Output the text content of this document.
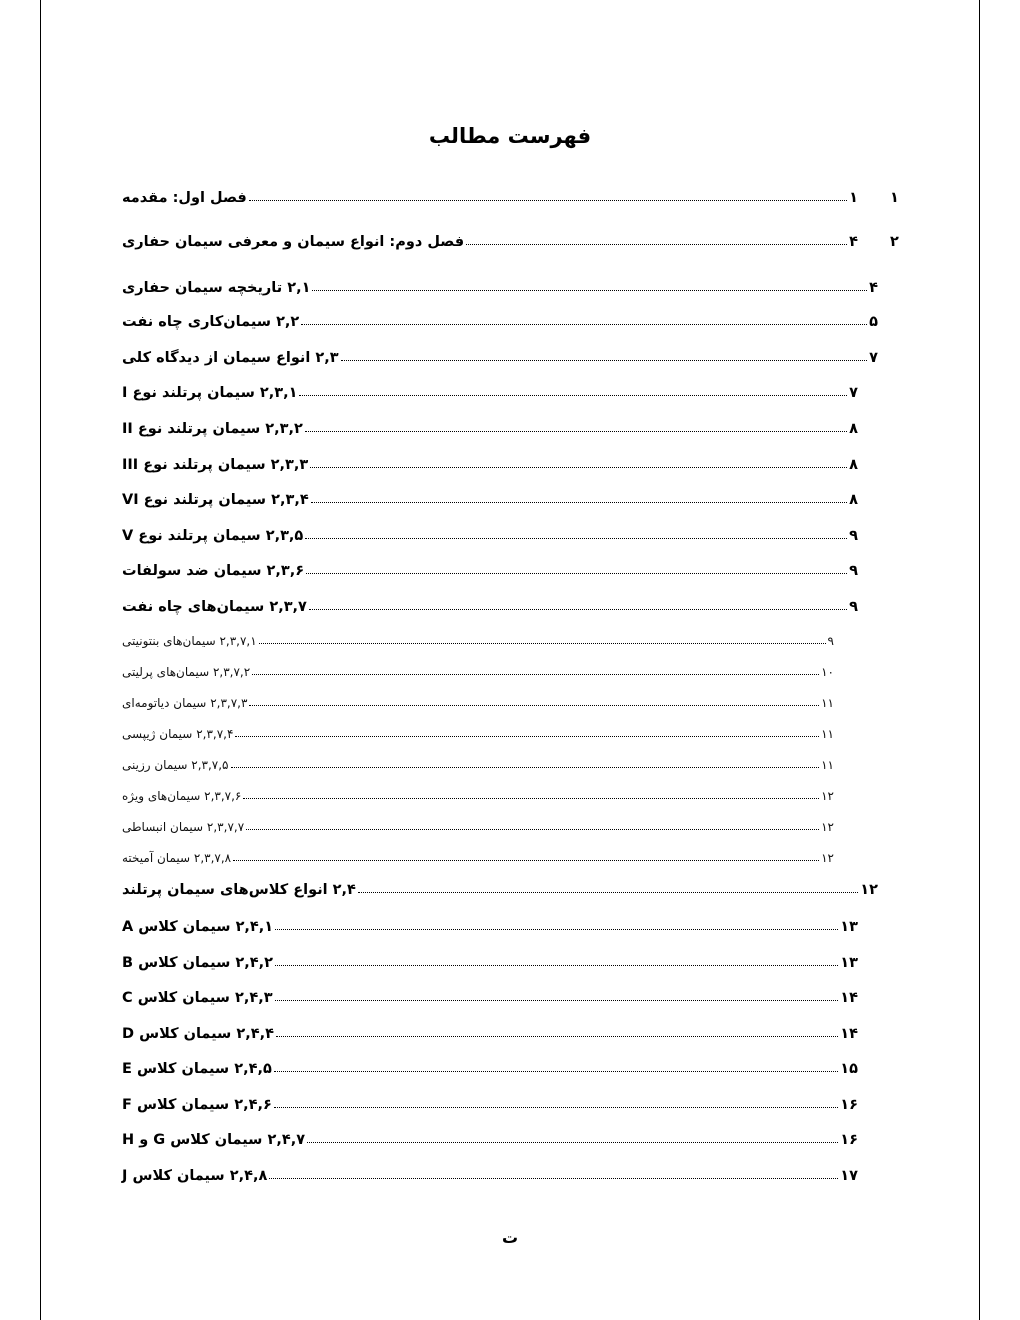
فهرست مطالب
فصل اول: مقدمه	۱ ۱
فصل دوم: انواع سیمان و معرفی سیمان حفاری	۴ ۲
۲,۱ تاریخچه سیمان حفاری	۴
۲,۲ سیمان‌کاری چاه نفت	۵
۲,۳ انواع سیمان از دیدگاه کلی	۷
۲,۳,۱ سیمان پرتلند نوع I	۷
۲,۳,۲ سیمان پرتلند نوع II	۸
۲,۳,۳ سیمان پرتلند نوع III	۸
۲,۳,۴ سیمان پرتلند نوع VI	۸
۲,۳,۵ سیمان پرتلند نوع V	۹
۲,۳,۶ سیمان ضد سولفات	۹
۲,۳,۷ سیمان‌های چاه نفت	۹
۲,۳,۷,۱ سیمان‌های بنتونیتی	۹
۲,۳,۷,۲ سیمان‌های پرلیتی	۱۰
۲,۳,۷,۳ سیمان دیاتومه‌ای	۱۱
۲,۳,۷,۴ سیمان ژیپسی	۱۱
۲,۳,۷,۵ سیمان رزینی	۱۱
۲,۳,۷,۶ سیمان‌های ویژه	۱۲
۲,۳,۷,۷ سیمان انبساطی	۱۲
۲,۳,۷,۸ سیمان آمیخته	۱۲
۲,۴ انواع کلاس‌های سیمان پرتلند	۱۲
۲,۴,۱ سیمان کلاس A	۱۳
۲,۴,۲ سیمان کلاس B	۱۳
۲,۴,۳ سیمان کلاس C	۱۴
۲,۴,۴ سیمان کلاس D	۱۴
۲,۴,۵ سیمان کلاس E	۱۵
۲,۴,۶ سیمان کلاس F	۱۶
۲,۴,۷ سیمان کلاس G و H	۱۶
۲,۴,۸ سیمان کلاس J	۱۷
ت
